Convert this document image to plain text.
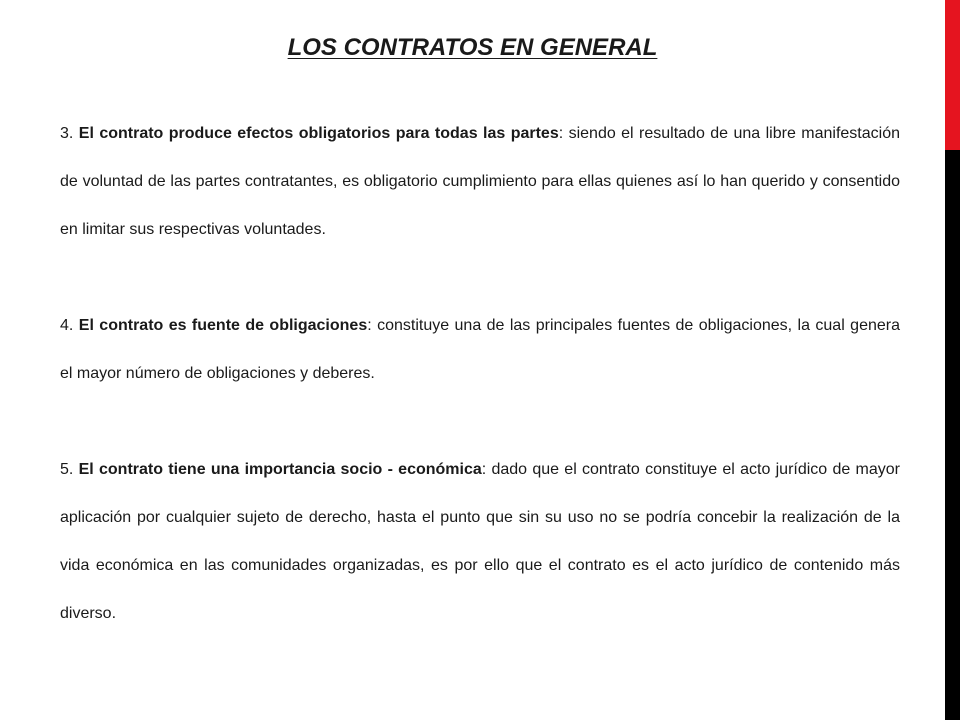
LOS CONTRATOS EN GENERAL

3. El contrato produce efectos obligatorios para todas las partes: siendo el resultado de una libre manifestación de voluntad de las partes contratantes, es obligatorio cumplimiento para ellas quienes así lo han querido y consentido en limitar sus respectivas voluntades.

4. El contrato es fuente de obligaciones: constituye una de las principales fuentes de obligaciones, la cual genera el mayor número de obligaciones y deberes.

5. El contrato tiene una importancia socio - económica: dado que el contrato constituye el acto jurídico de mayor aplicación por cualquier sujeto de derecho, hasta el punto que sin su uso no se podría concebir la realización de la vida económica en las comunidades organizadas, es por ello que el contrato es el acto jurídico de contenido más diverso.
